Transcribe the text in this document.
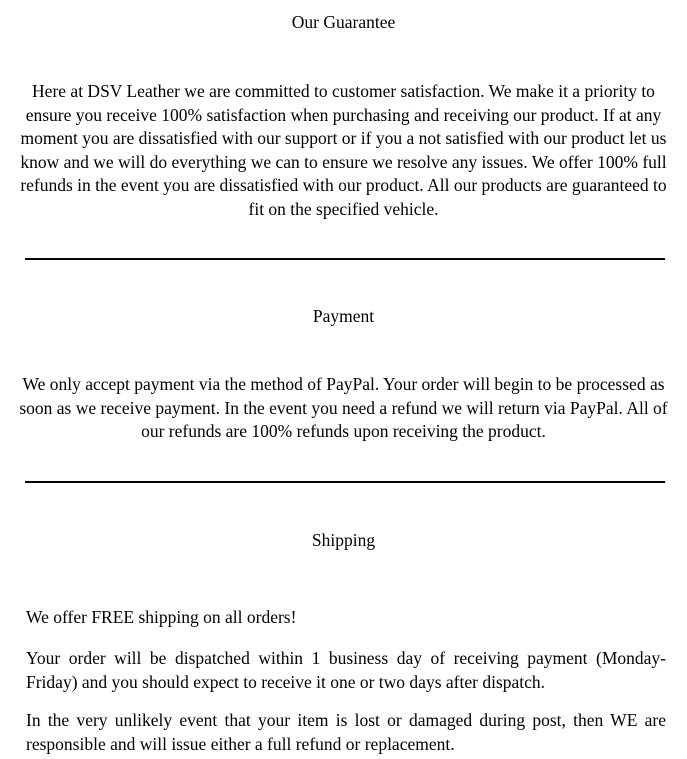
Our Guarantee

Here at DSV Leather we are committed to customer satisfaction. We make it a priority to ensure you receive 100% satisfaction when purchasing and receiving our product. If at any moment you are dissatisfied with our support or if you a not satisfied with our product let us know and we will do everything we can to ensure we resolve any issues. We offer 100% full refunds in the event you are dissatisfied with our product. All our products are guaranteed to fit on the specified vehicle.

Payment

We only accept payment via the method of PayPal. Your order will begin to be processed as soon as we receive payment. In the event you need a refund we will return via PayPal. All of our refunds are 100% refunds upon receiving the product.

Shipping

We offer FREE shipping on all orders!

Your order will be dispatched within 1 business day of receiving payment (Monday-Friday) and you should expect to receive it one or two days after dispatch.

In the very unlikely event that your item is lost or damaged during post, then WE are responsible and will issue either a full refund or replacement.
